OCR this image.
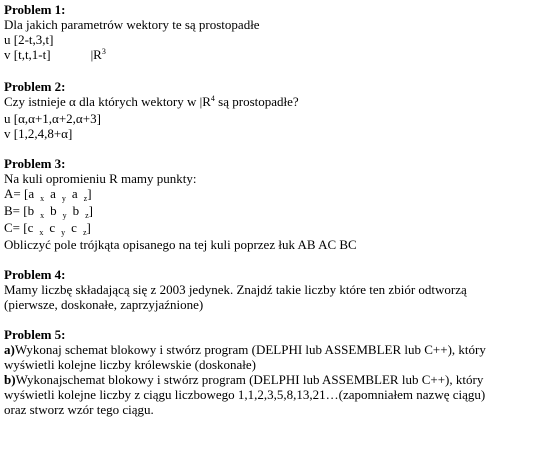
Problem 1:
Dla jakich parametrów wektory te są prostopadłe
u [2-t,3,t]
v [t,t,1-t]	$|R^3$
Problem 2:
Czy istnieje α dla których wektory w $|R^4$ są prostopadłe?
u [α,α+1,α+2,α+3]
v [1,2,4,8+α]
Problem 3:
Na kuli opromieniu R mamy punkty:
A= [a $_x$ a $_y$ a $_z$]
B= [b $_x$ b $_y$ b $_z$]
C= [c $_x$ c $_y$ c $_z$]
Obliczyć pole trójkąta opisanego na tej kuli poprzez łuk AB AC BC
Problem 4:
Mamy liczbę składającą się z 2003 jedynek. Znajdź takie liczby które ten zbiór odtworzą
(pierwsze, doskonałe, zaprzyjaźnione)
Problem 5:
a)Wykonaj schemat blokowy i stwórz program (DELPHI lub ASSEMBLER lub C++), który
wyświetli kolejne liczby królewskie (doskonałe)
b)Wykonajschemat blokowy i stwórz program (DELPHI lub ASSEMBLER lub C++), który
wyświetli kolejne liczby z ciągu liczbowego 1,1,2,3,5,8,13,21…(zapomniałem nazwę ciągu)
oraz stworz wzór tego ciągu.
